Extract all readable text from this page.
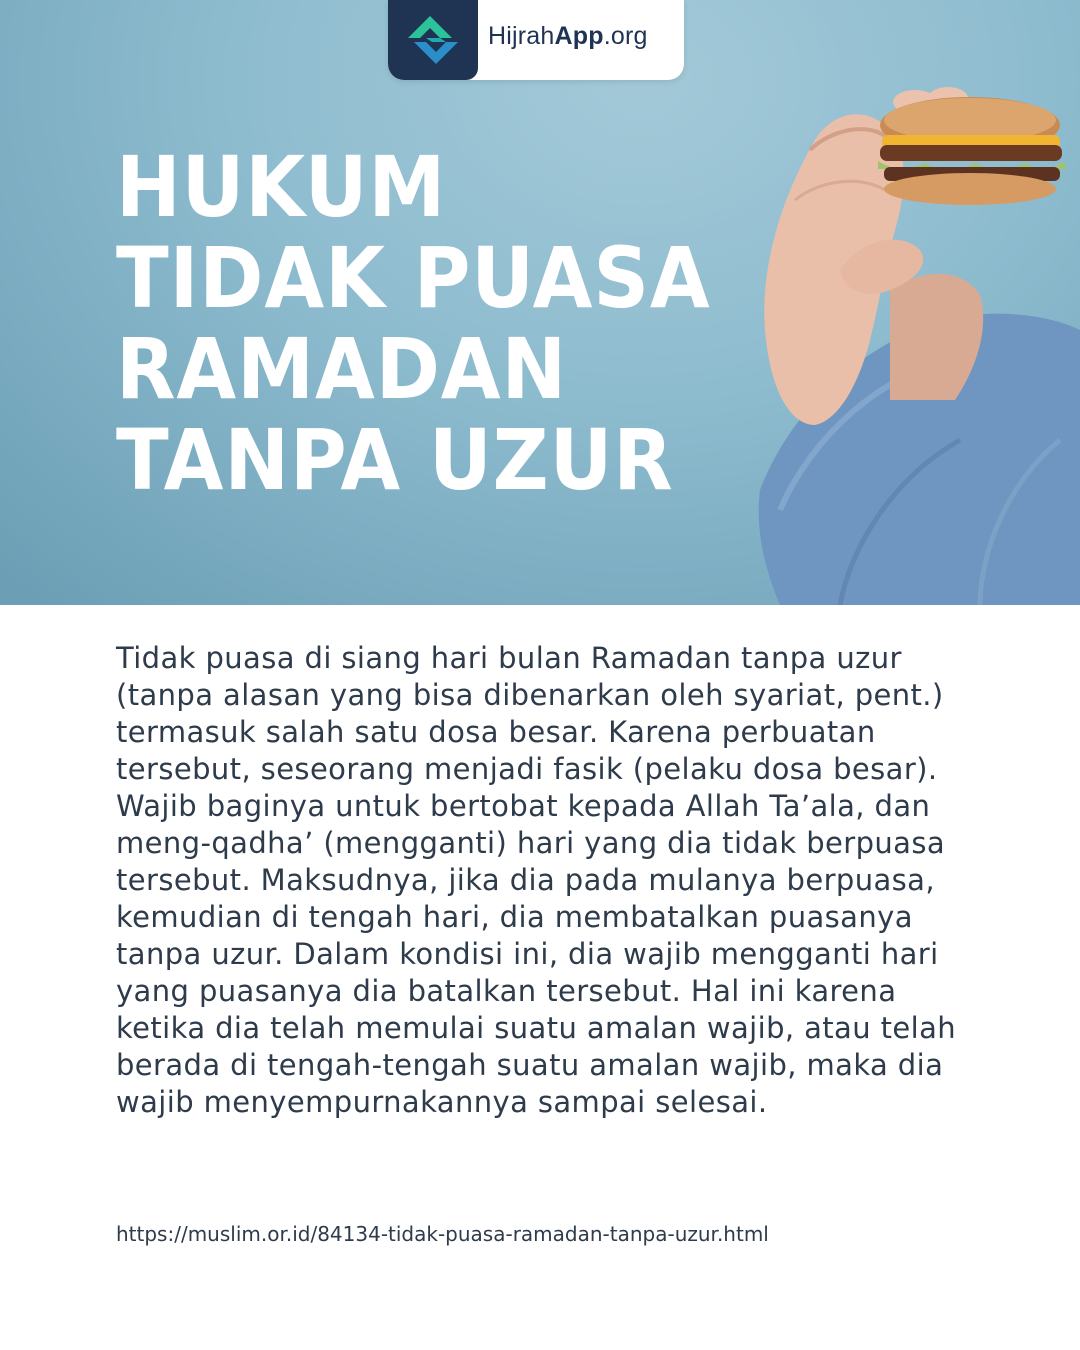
HijrahApp.org
HUKUM
TIDAK PUASA
RAMADAN
TANPA UZUR

Tidak puasa di siang hari bulan Ramadan tanpa uzur (tanpa alasan yang bisa dibenarkan oleh syariat, pent.) termasuk salah satu dosa besar. Karena perbuatan tersebut, seseorang menjadi fasik (pelaku dosa besar). Wajib baginya untuk bertobat kepada Allah Ta’ala, dan meng-qadha’ (mengganti) hari yang dia tidak berpuasa tersebut. Maksudnya, jika dia pada mulanya berpuasa, kemudian di tengah hari, dia membatalkan puasanya tanpa uzur. Dalam kondisi ini, dia wajib mengganti hari yang puasanya dia batalkan tersebut. Hal ini karena ketika dia telah memulai suatu amalan wajib, atau telah berada di tengah-tengah suatu amalan wajib, maka dia wajib menyempurnakannya sampai selesai.

https://muslim.or.id/84134-tidak-puasa-ramadan-tanpa-uzur.html
